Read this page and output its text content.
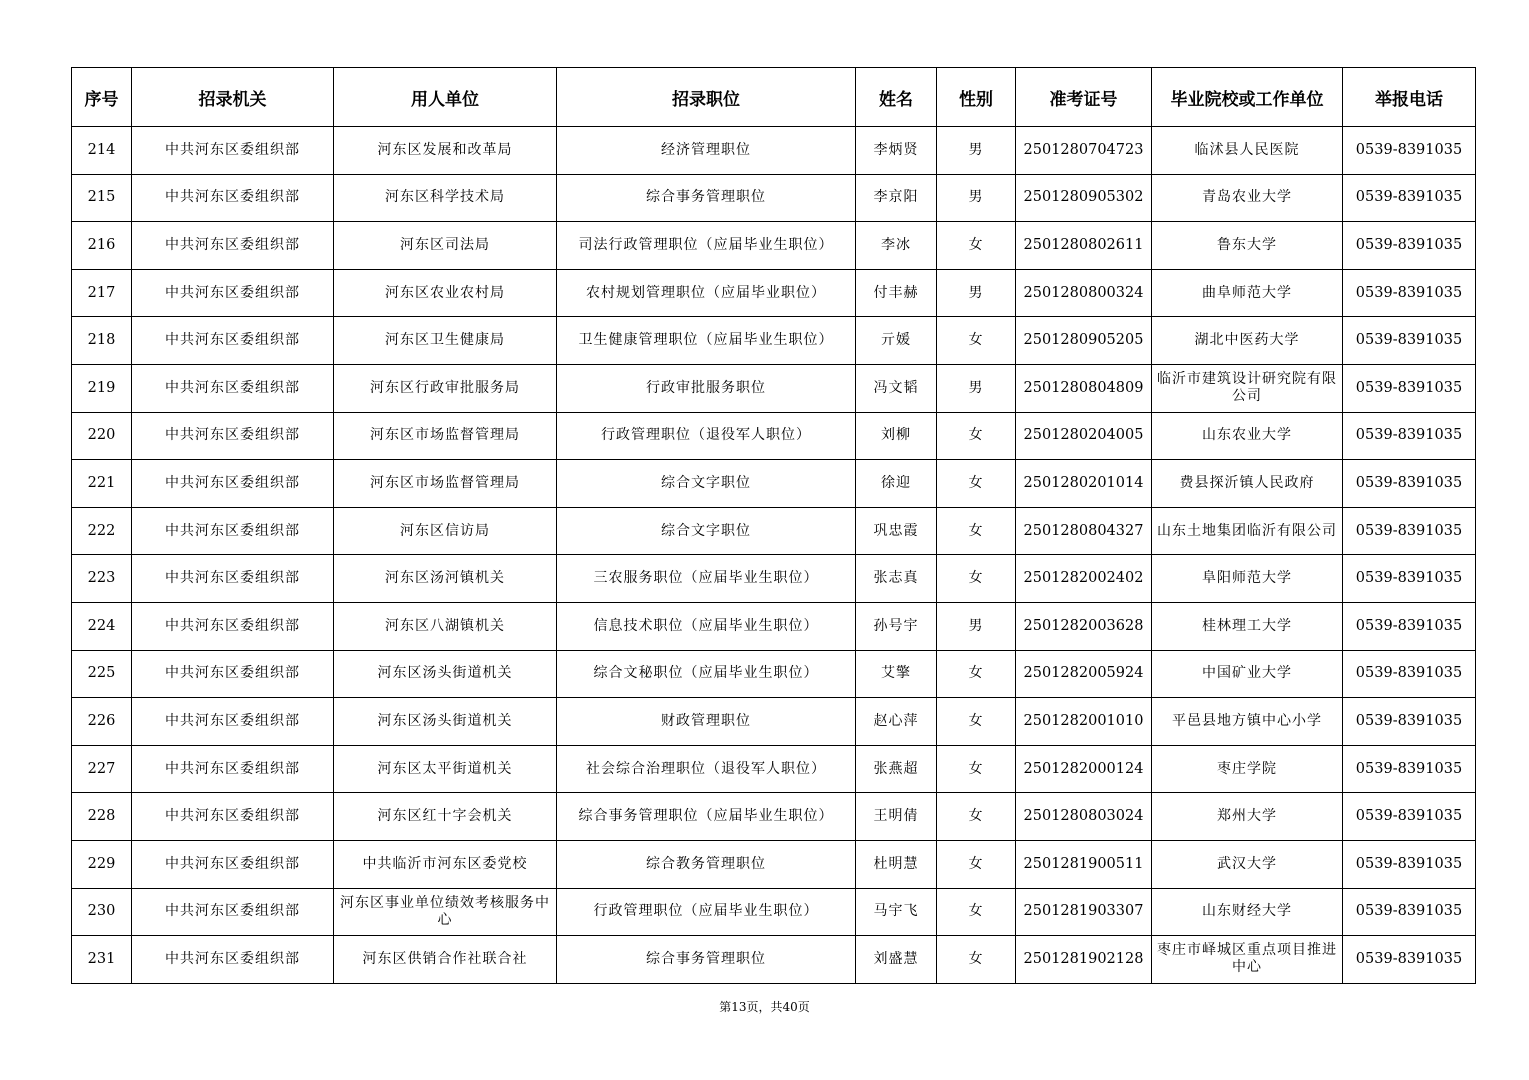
序号	招录机关	用人单位	招录职位	姓名	性别	准考证号	毕业院校或工作单位	举报电话
214	中共河东区委组织部	河东区发展和改革局	经济管理职位	李炳贤	男	2501280704723	临沭县人民医院	0539-8391035
215	中共河东区委组织部	河东区科学技术局	综合事务管理职位	李京阳	男	2501280905302	青岛农业大学	0539-8391035
216	中共河东区委组织部	河东区司法局	司法行政管理职位（应届毕业生职位）	李冰	女	2501280802611	鲁东大学	0539-8391035
217	中共河东区委组织部	河东区农业农村局	农村规划管理职位（应届毕业职位）	付丰赫	男	2501280800324	曲阜师范大学	0539-8391035
218	中共河东区委组织部	河东区卫生健康局	卫生健康管理职位（应届毕业生职位）	亓媛	女	2501280905205	湖北中医药大学	0539-8391035
219	中共河东区委组织部	河东区行政审批服务局	行政审批服务职位	冯文韬	男	2501280804809	临沂市建筑设计研究院有限公司	0539-8391035
220	中共河东区委组织部	河东区市场监督管理局	行政管理职位（退役军人职位）	刘柳	女	2501280204005	山东农业大学	0539-8391035
221	中共河东区委组织部	河东区市场监督管理局	综合文字职位	徐迎	女	2501280201014	费县探沂镇人民政府	0539-8391035
222	中共河东区委组织部	河东区信访局	综合文字职位	巩忠霞	女	2501280804327	山东土地集团临沂有限公司	0539-8391035
223	中共河东区委组织部	河东区汤河镇机关	三农服务职位（应届毕业生职位）	张志真	女	2501282002402	阜阳师范大学	0539-8391035
224	中共河东区委组织部	河东区八湖镇机关	信息技术职位（应届毕业生职位）	孙号宇	男	2501282003628	桂林理工大学	0539-8391035
225	中共河东区委组织部	河东区汤头街道机关	综合文秘职位（应届毕业生职位）	艾擎	女	2501282005924	中国矿业大学	0539-8391035
226	中共河东区委组织部	河东区汤头街道机关	财政管理职位	赵心萍	女	2501282001010	平邑县地方镇中心小学	0539-8391035
227	中共河东区委组织部	河东区太平街道机关	社会综合治理职位（退役军人职位）	张燕超	女	2501282000124	枣庄学院	0539-8391035
228	中共河东区委组织部	河东区红十字会机关	综合事务管理职位（应届毕业生职位）	王明倩	女	2501280803024	郑州大学	0539-8391035
229	中共河东区委组织部	中共临沂市河东区委党校	综合教务管理职位	杜明慧	女	2501281900511	武汉大学	0539-8391035
230	中共河东区委组织部	河东区事业单位绩效考核服务中心	行政管理职位（应届毕业生职位）	马宇飞	女	2501281903307	山东财经大学	0539-8391035
231	中共河东区委组织部	河东区供销合作社联合社	综合事务管理职位	刘盛慧	女	2501281902128	枣庄市峄城区重点项目推进中心	0539-8391035
第13页，共40页
